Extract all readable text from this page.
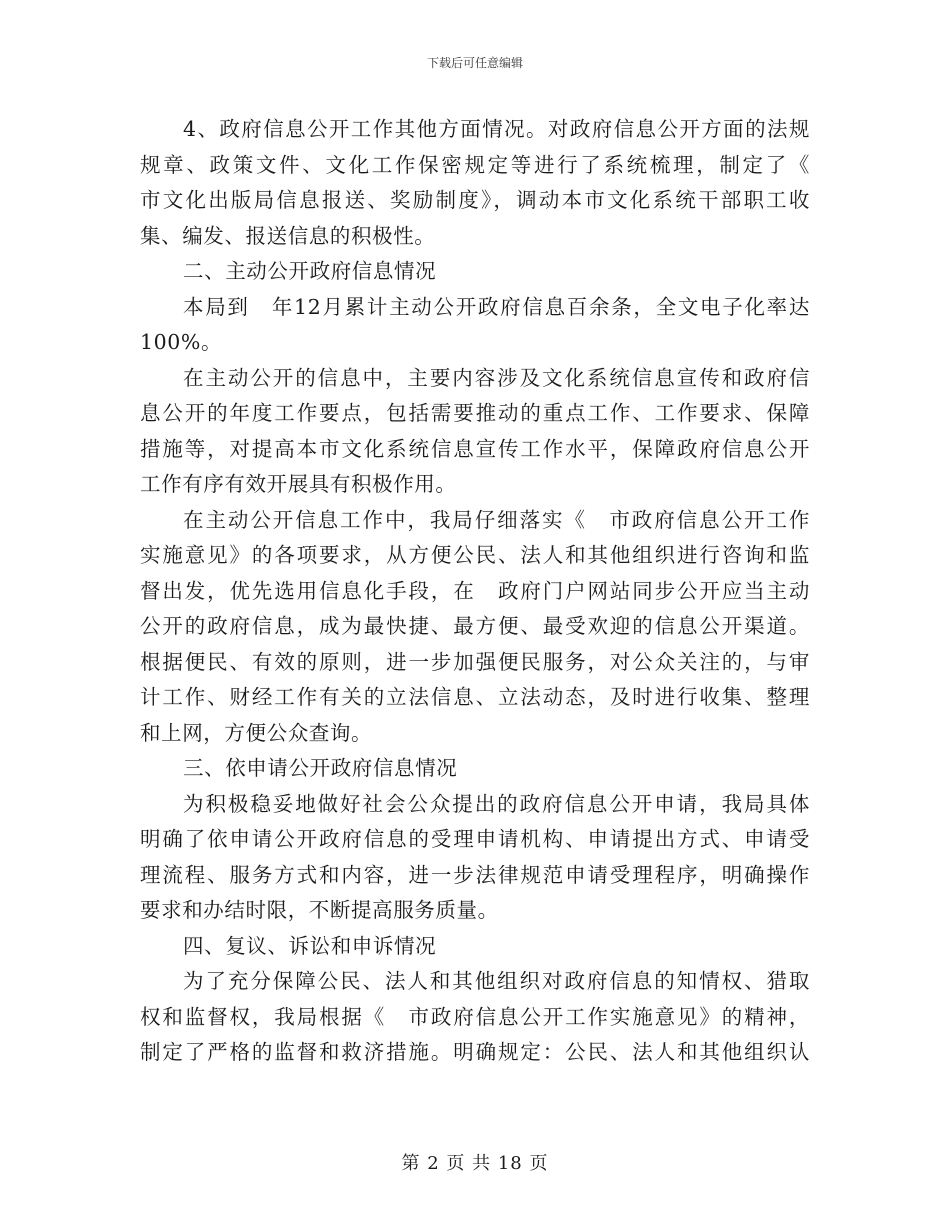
下载后可任意编辑
4、政府信息公开工作其他方面情况。对政府信息公开方面的法规
规章、政策文件、文化工作保密规定等进行了系统梳理，制定了《
市文化出版局信息报送、奖励制度》，调动本市文化系统干部职工收
集、编发、报送信息的积极性。
二、主动公开政府信息情况
本局到　年12月累计主动公开政府信息百余条，全文电子化率达
100%。
在主动公开的信息中，主要内容涉及文化系统信息宣传和政府信
息公开的年度工作要点，包括需要推动的重点工作、工作要求、保障
措施等，对提高本市文化系统信息宣传工作水平，保障政府信息公开
工作有序有效开展具有积极作用。
在主动公开信息工作中，我局仔细落实《　市政府信息公开工作
实施意见》的各项要求，从方便公民、法人和其他组织进行咨询和监
督出发，优先选用信息化手段，在　政府门户网站同步公开应当主动
公开的政府信息，成为最快捷、最方便、最受欢迎的信息公开渠道。
根据便民、有效的原则，进一步加强便民服务，对公众关注的，与审
计工作、财经工作有关的立法信息、立法动态，及时进行收集、整理
和上网，方便公众查询。
三、依申请公开政府信息情况
为积极稳妥地做好社会公众提出的政府信息公开申请，我局具体
明确了依申请公开政府信息的受理申请机构、申请提出方式、申请受
理流程、服务方式和内容，进一步法律规范申请受理程序，明确操作
要求和办结时限，不断提高服务质量。
四、复议、诉讼和申诉情况
为了充分保障公民、法人和其他组织对政府信息的知情权、猎取
权和监督权，我局根据《　市政府信息公开工作实施意见》的精神，
制定了严格的监督和救济措施。明确规定：公民、法人和其他组织认
第 2 页 共 18 页
